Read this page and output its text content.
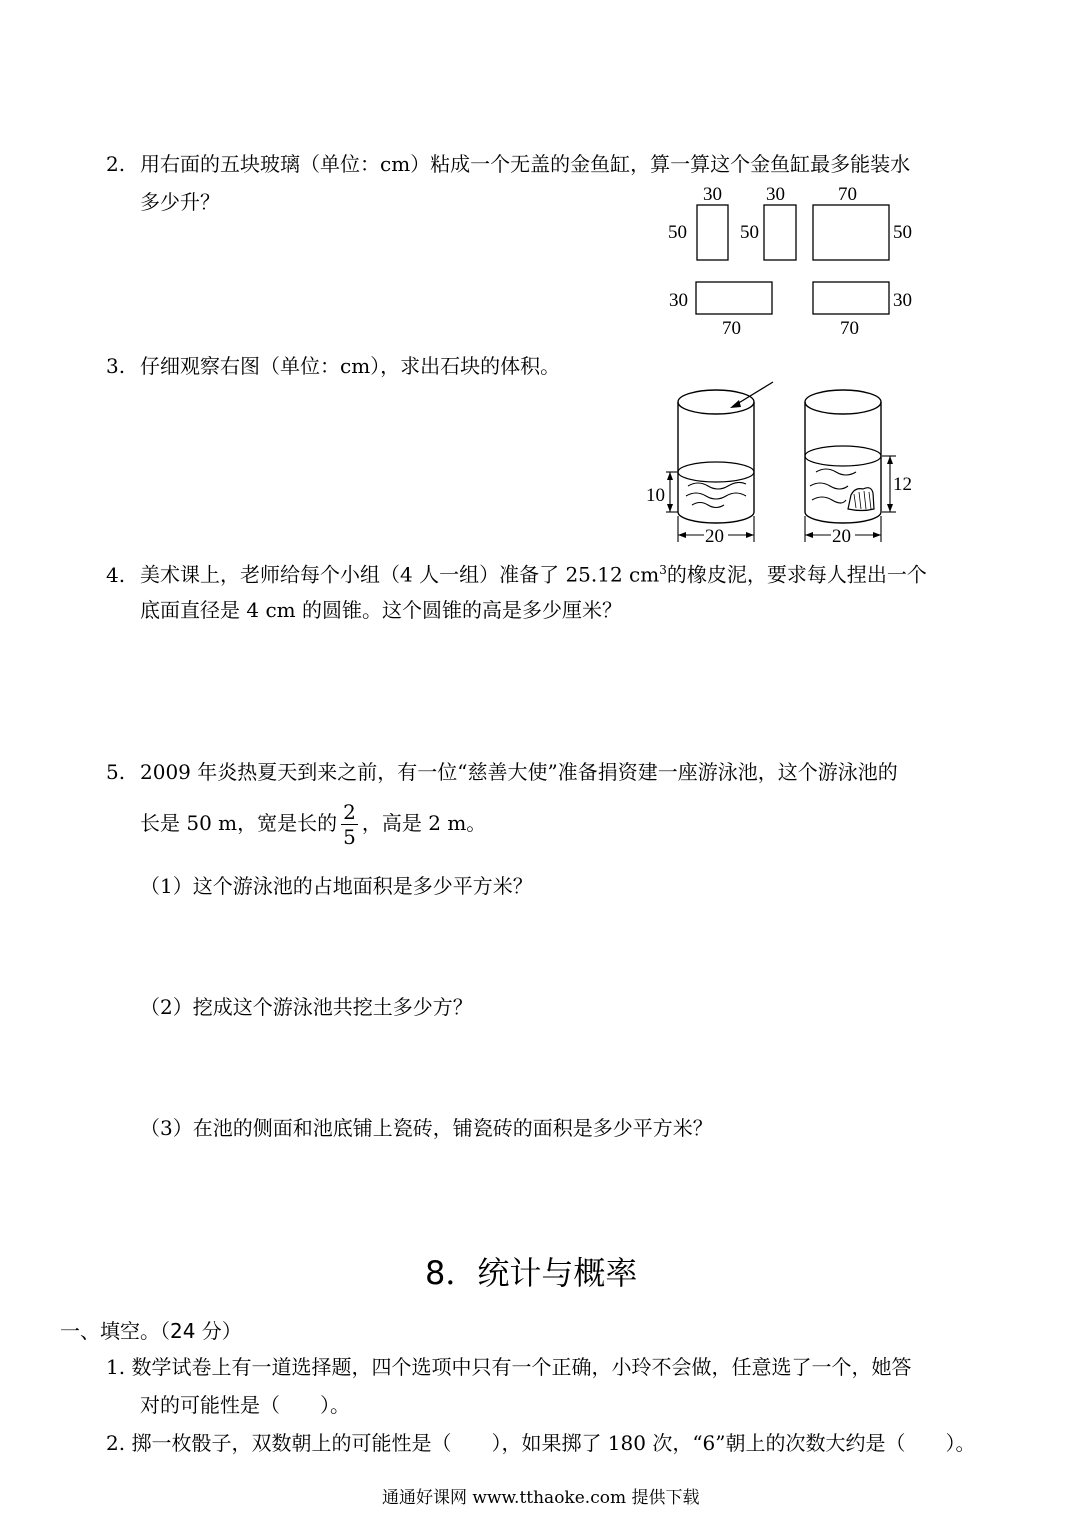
2. 用右面的五块玻璃（单位：cm）粘成一个无盖的金鱼缸，算一算这个金鱼缸最多能装水
多少升？	30
50
30
50
70
50
30
70
30
70
3. 仔细观察右图（单位：cm），求出石块的体积。
10
20
12
20
4. 美术课上，老师给每个小组（4 人一组）准备了 25.12 $cm^3$的橡皮泥，要求每人捏出一个
底面直径是 4 cm 的圆锥。这个圆锥的高是多少厘米？
5. 2009 年炎热夏天到来之前，有一位“慈善大使”准备捐资建一座游泳池，这个游泳池的
长是 50 m，宽是长的 $\frac{2}{5}$ ，高是 2 m。
（1）这个游泳池的占地面积是多少平方米？
（2）挖成这个游泳池共挖土多少方？
（3）在池的侧面和池底铺上瓷砖，铺瓷砖的面积是多少平方米？
8．统计与概率
一、填空。（24 分）
1. 数学试卷上有一道选择题，四个选项中只有一个正确，小玲不会做，任意选了一个，她答
对的可能性是（　　）。
2. 掷一枚骰子，双数朝上的可能性是（　　），如果掷了 180 次，“6”朝上的次数大约是（　　）。
通通好课网 www.tthaoke.com 提供下载
